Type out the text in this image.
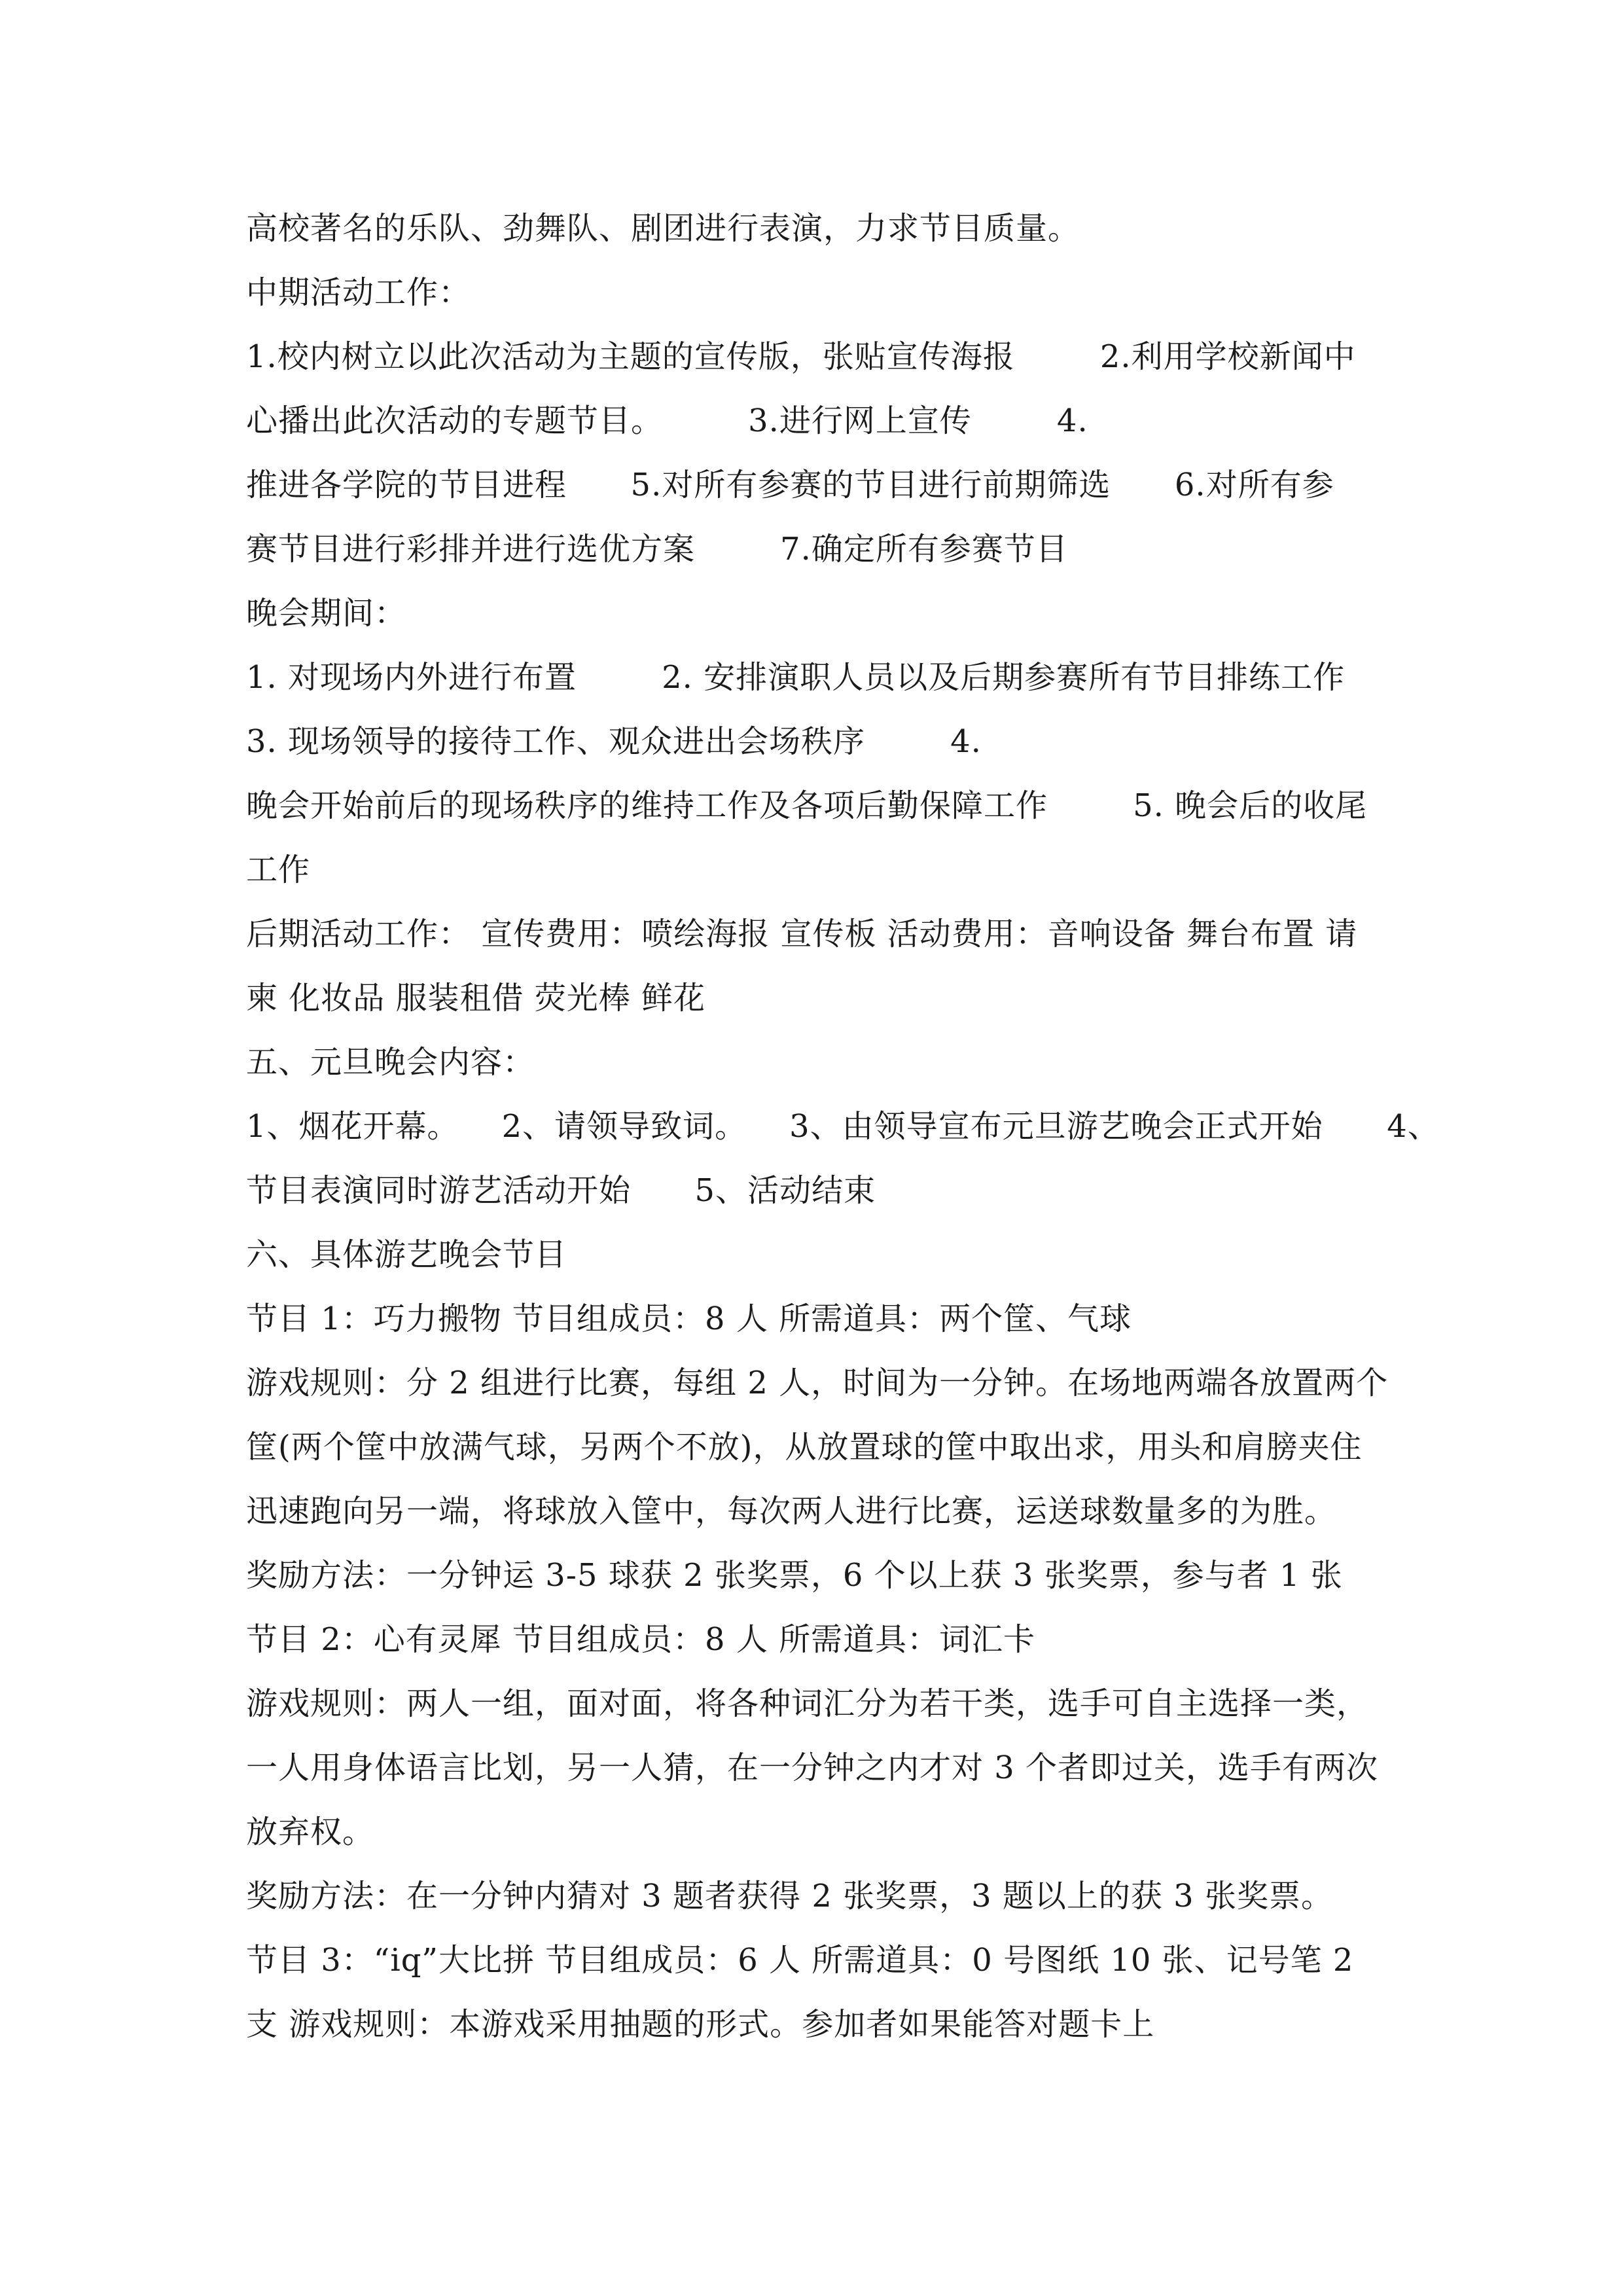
高校著名的乐队、劲舞队、剧团进行表演，力求节目质量。
中期活动工作：
1.校内树立以此次活动为主题的宣传版，张贴宣传海报        2.利用学校新闻中
心播出此次活动的专题节目。        3.进行网上宣传        4.
推进各学院的节目进程      5.对所有参赛的节目进行前期筛选      6.对所有参
赛节目进行彩排并进行选优方案        7.确定所有参赛节目
晚会期间：
1. 对现场内外进行布置        2. 安排演职人员以及后期参赛所有节目排练工作
3. 现场领导的接待工作、观众进出会场秩序        4.
晚会开始前后的现场秩序的维持工作及各项后勤保障工作        5. 晚会后的收尾
工作
后期活动工作： 宣传费用：喷绘海报 宣传板 活动费用：音响设备 舞台布置 请
柬 化妆品 服装租借 荧光棒 鲜花
五、元旦晚会内容：
1、烟花开幕。    2、请领导致词。    3、由领导宣布元旦游艺晚会正式开始      4、
节目表演同时游艺活动开始      5、活动结束
六、具体游艺晚会节目
节目 1：巧力搬物 节目组成员：8 人 所需道具：两个筐、气球
游戏规则：分 2 组进行比赛，每组 2 人，时间为一分钟。在场地两端各放置两个
筐(两个筐中放满气球，另两个不放)，从放置球的筐中取出求，用头和肩膀夹住
迅速跑向另一端，将球放入筐中，每次两人进行比赛，运送球数量多的为胜。
奖励方法：一分钟运 3-5 球获 2 张奖票，6 个以上获 3 张奖票，参与者 1 张
节目 2：心有灵犀 节目组成员：8 人 所需道具：词汇卡
游戏规则：两人一组，面对面，将各种词汇分为若干类，选手可自主选择一类，
一人用身体语言比划，另一人猜，在一分钟之内才对 3 个者即过关，选手有两次
放弃权。
奖励方法：在一分钟内猜对 3 题者获得 2 张奖票，3 题以上的获 3 张奖票。
节目 3：“iq”大比拼 节目组成员：6 人 所需道具：0 号图纸 10 张、记号笔 2
支 游戏规则：本游戏采用抽题的形式。参加者如果能答对题卡上
